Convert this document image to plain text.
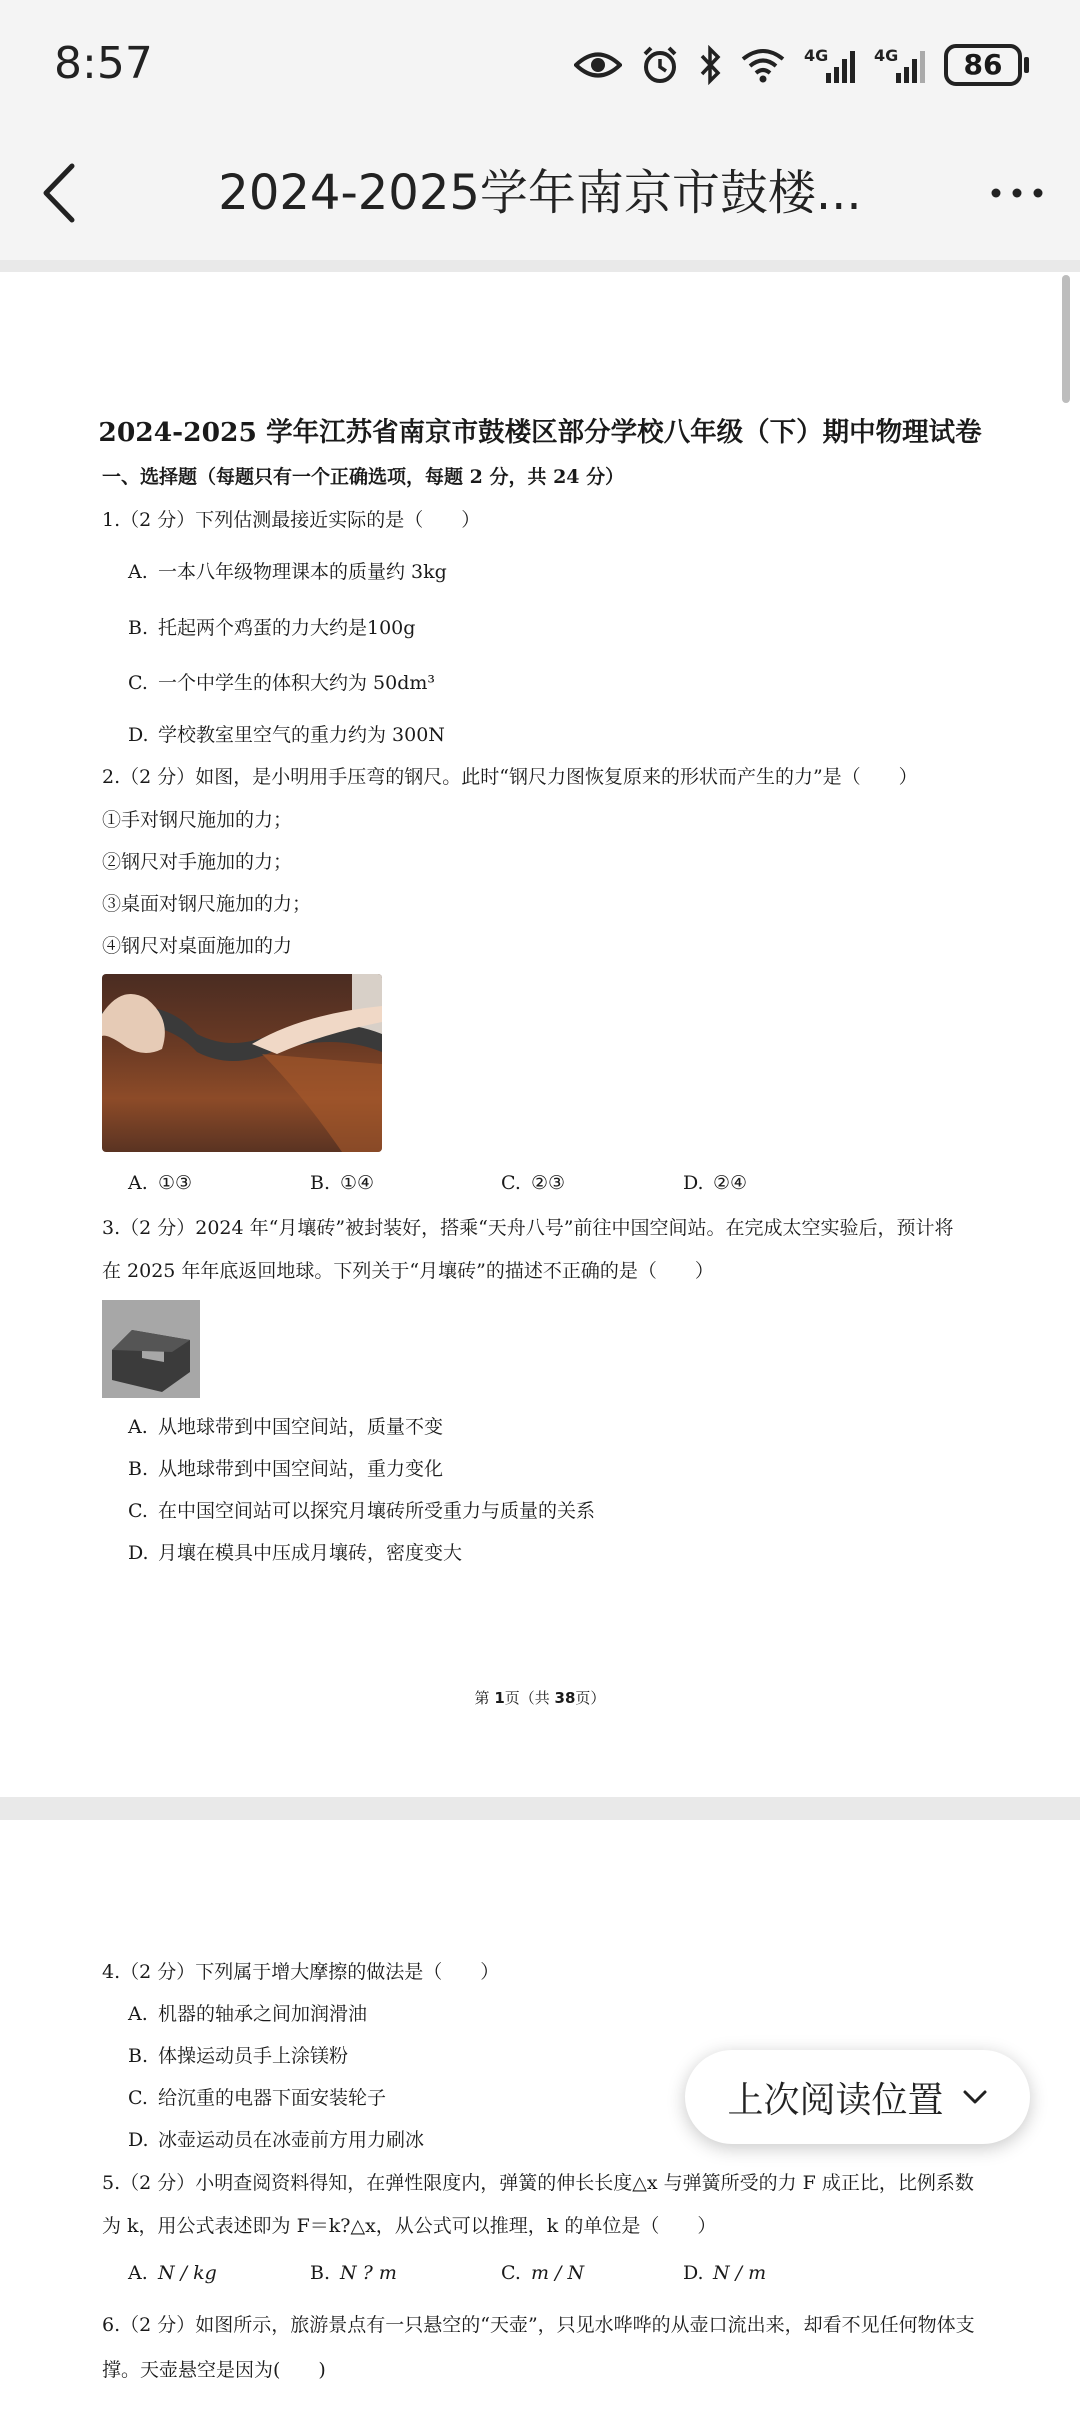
8:57	4G	4G	86
2024-2025学年南京市鼓楼...
2024-2025 学年江苏省南京市鼓楼区部分学校八年级（下）期中物理试卷
一、选择题（每题只有一个正确选项，每题 2 分，共 24 分）
1.（2 分）下列估测最接近实际的是（　　）
A. 一本八年级物理课本的质量约 3kg
B. 托起两个鸡蛋的力大约是100g
C. 一个中学生的体积大约为 50dm³
D. 学校教室里空气的重力约为 300N
2.（2 分）如图，是小明用手压弯的钢尺。此时“钢尺力图恢复原来的形状而产生的力”是（　　）
①手对钢尺施加的力；
②钢尺对手施加的力；
③桌面对钢尺施加的力；
④钢尺对桌面施加的力
A. ①③	B. ①④	C. ②③	D. ②④
3.（2 分）2024 年“月壤砖”被封装好，搭乘“天舟八号”前往中国空间站。在完成太空实验后，预计将
在 2025 年年底返回地球。下列关于“月壤砖”的描述不正确的是（　　）
A. 从地球带到中国空间站，质量不变
B. 从地球带到中国空间站，重力变化
C. 在中国空间站可以探究月壤砖所受重力与质量的关系
D. 月壤在模具中压成月壤砖，密度变大
第 1页（共 38页）
4.（2 分）下列属于增大摩擦的做法是（　　）
A. 机器的轴承之间加润滑油
B. 体操运动员手上涂镁粉
C. 给沉重的电器下面安装轮子
D. 冰壶运动员在冰壶前方用力刷冰
5.（2 分）小明查阅资料得知，在弹性限度内，弹簧的伸长长度△x 与弹簧所受的力 F 成正比，比例系数
为 k，用公式表述即为 F＝k?△x，从公式可以推理，k 的单位是（　　）
A. N / kg	B. N ? m	C. m / N	D. N / m
6.（2 分）如图所示，旅游景点有一只悬空的“天壶”，只见水哗哗的从壶口流出来，却看不见任何物体支
撑。天壶悬空是因为(　　)
上次阅读位置
